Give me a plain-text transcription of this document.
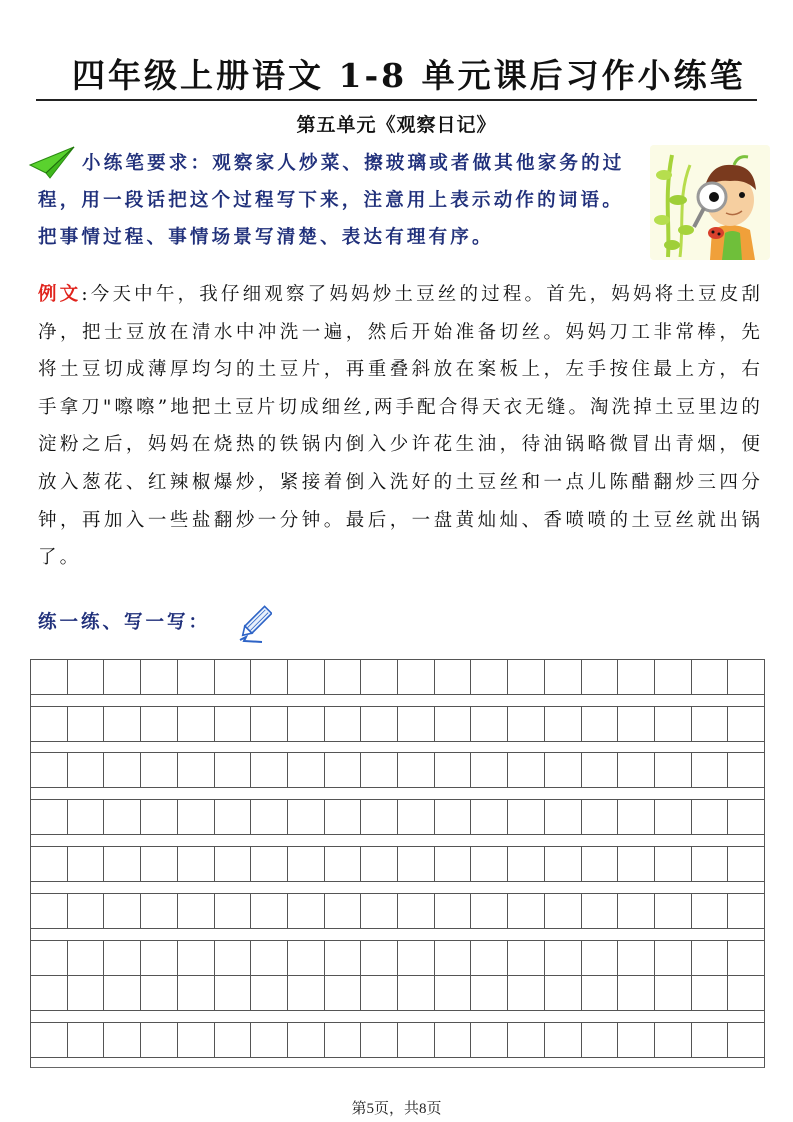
四年级上册语文 1-8 单元课后习作小练笔
第五单元《观察日记》
小练笔要求：观察家人炒菜、擦玻璃或者做其他家务的过程，用一段话把这个过程写下来，注意用上表示动作的词语。把事情过程、事情场景写清楚、表达有理有序。
例文:今天中午，我仔细观察了妈妈炒土豆丝的过程。首先，妈妈将土豆皮刮净，把士豆放在清水中冲洗一遍，然后开始准备切丝。妈妈刀工非常棒，先将土豆切成薄厚均匀的土豆片，再重叠斜放在案板上，左手按住最上方，右手拿刀"嚓嚓”地把土豆片切成细丝,两手配合得天衣无缝。淘洗掉土豆里边的淀粉之后，妈妈在烧热的铁锅内倒入少许花生油，待油锅略微冒出青烟，便放入葱花、红辣椒爆炒，紧接着倒入洗好的土豆丝和一点儿陈醋翻炒三四分钟，再加入一些盐翻炒一分钟。最后，一盘黄灿灿、香喷喷的土豆丝就出锅了。
练一练、写一写：
第5页，共8页
